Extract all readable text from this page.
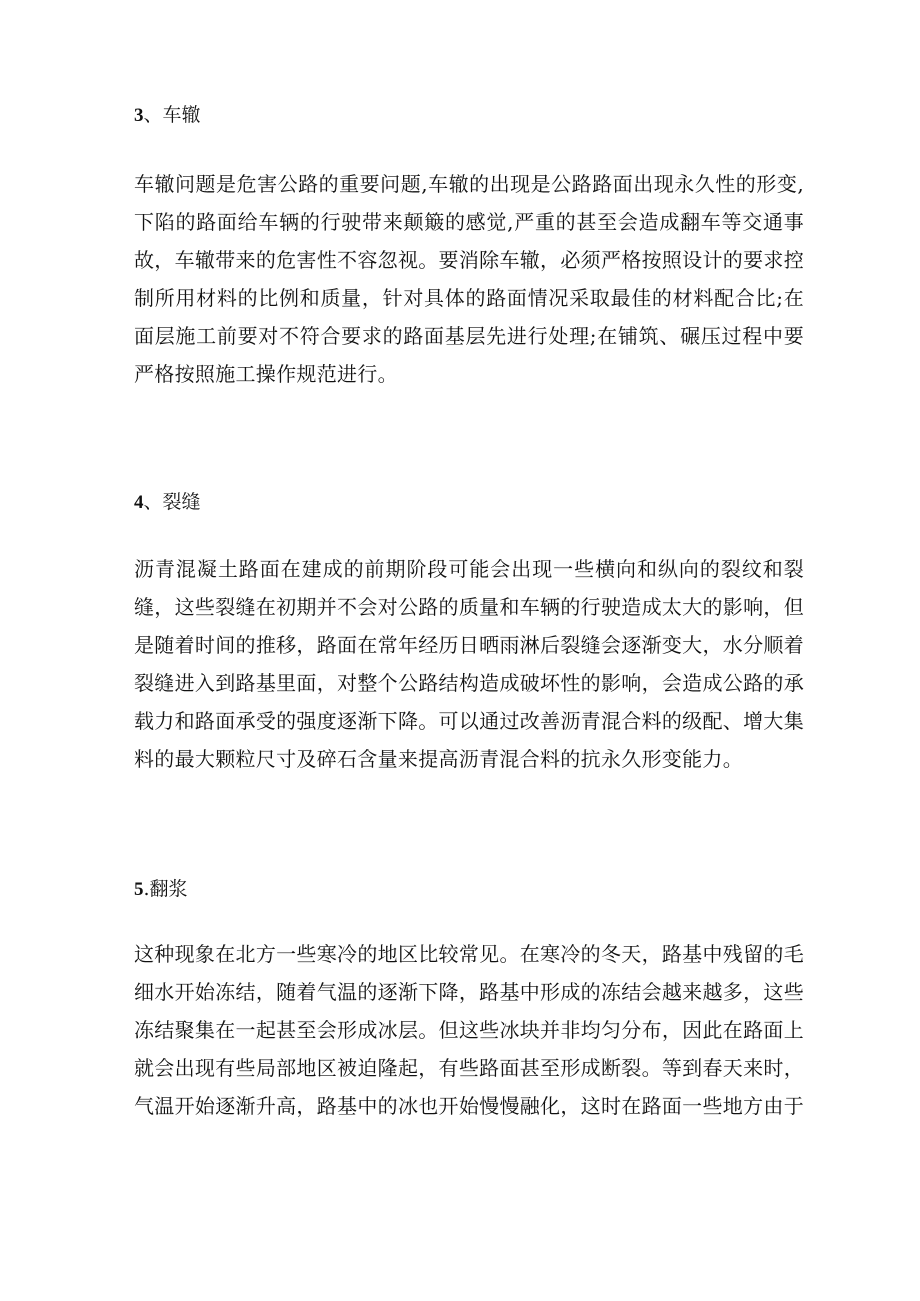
3、车辙

车辙问题是危害公路的重要问题,车辙的出现是公路路面出现永久性的形变,
下陷的路面给车辆的行驶带来颠簸的感觉,严重的甚至会造成翻车等交通事
故，车辙带来的危害性不容忽视。要消除车辙，必须严格按照设计的要求控
制所用材料的比例和质量，针对具体的路面情况采取最佳的材料配合比;在
面层施工前要对不符合要求的路面基层先进行处理;在铺筑、碾压过程中要
严格按照施工操作规范进行。

4、裂缝

沥青混凝土路面在建成的前期阶段可能会出现一些横向和纵向的裂纹和裂
缝，这些裂缝在初期并不会对公路的质量和车辆的行驶造成太大的影响，但
是随着时间的推移，路面在常年经历日晒雨淋后裂缝会逐渐变大，水分顺着
裂缝进入到路基里面，对整个公路结构造成破坏性的影响，会造成公路的承
载力和路面承受的强度逐渐下降。可以通过改善沥青混合料的级配、增大集
料的最大颗粒尺寸及碎石含量来提高沥青混合料的抗永久形变能力。

5.翻浆

这种现象在北方一些寒冷的地区比较常见。在寒冷的冬天，路基中残留的毛
细水开始冻结，随着气温的逐渐下降，路基中形成的冻结会越来越多，这些
冻结聚集在一起甚至会形成冰层。但这些冰块并非均匀分布，因此在路面上
就会出现有些局部地区被迫隆起，有些路面甚至形成断裂。等到春天来时，
气温开始逐渐升高，路基中的冰也开始慢慢融化，这时在路面一些地方由于
